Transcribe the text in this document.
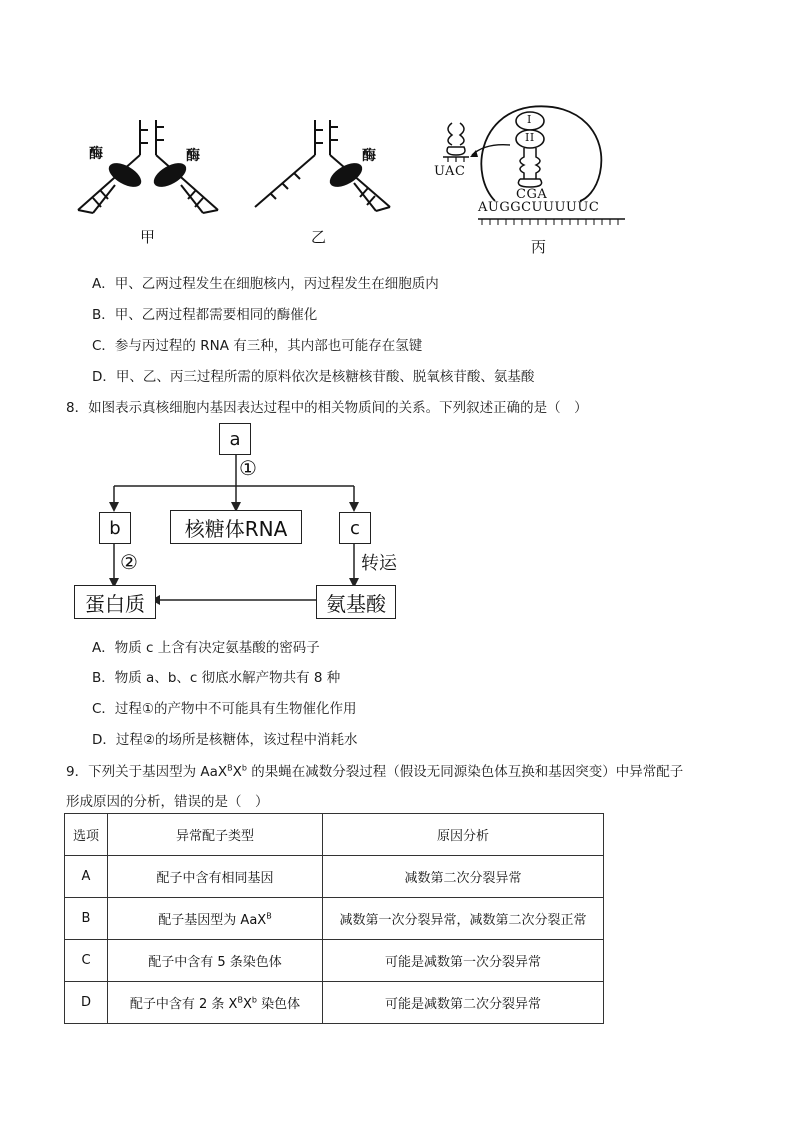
酶	酶	酶
甲	乙
丙
UAC
CGA
AUGGCUUUUUC
I
II
A．甲、乙两过程发生在细胞核内，丙过程发生在细胞质内
B．甲、乙两过程都需要相同的酶催化
C．参与丙过程的 RNA 有三种，其内部也可能存在氢键
D．甲、乙、丙三过程所需的原料依次是核糖核苷酸、脱氧核苷酸、氨基酸
8．如图表示真核细胞内基因表达过程中的相关物质间的关系。下列叙述正确的是（　）
a
b	核糖体RNA	c
蛋白质	氨基酸
①
②	转运
A．物质 c 上含有决定氨基酸的密码子
B．物质 a、b、c 彻底水解产物共有 8 种
C．过程①的产物中不可能具有生物催化作用
D．过程②的场所是核糖体，该过程中消耗水
9．下列关于基因型为 $AaX^BX^b$ 的果蝇在减数分裂过程（假设无同源染色体互换和基因突变）中异常配子
形成原因的分析，错误的是（　）
选项	异常配子类型	原因分析
A	配子中含有相同基因	减数第二次分裂异常
B	配子基因型为 AaX$^B$	减数第一次分裂异常，减数第二次分裂正常
C	配子中含有 5 条染色体	可能是减数第一次分裂异常
D	配子中含有 2 条 $X^BX^b$ 染色体	可能是减数第二次分裂异常
